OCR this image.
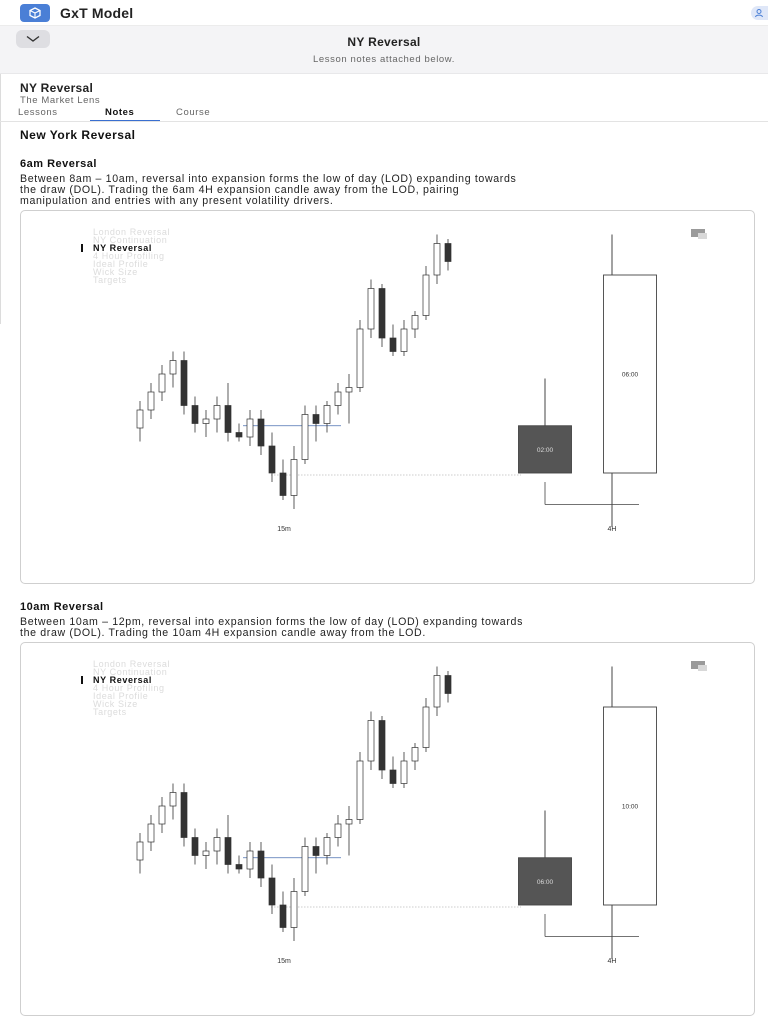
GxT Model
NY Reversal
Lesson notes attached below.
NY Reversal
The Market Lens
Lessons	Notes	Course
New York Reversal
6am Reversal
Between 8am – 10am, reversal into expansion forms the low of day (LOD) expanding towards
the draw (DOL). Trading the 6am 4H expansion candle away from the LOD, pairing
manipulation and entries with any present volatility drivers.
London Reversal
NY Continuation
NY Reversal
4 Hour Profiling
Ideal Profile
Wick Size
Targets
02:00
06:00
15m	4H
10am Reversal
Between 10am – 12pm, reversal into expansion forms the low of day (LOD) expanding towards
the draw (DOL). Trading the 10am 4H expansion candle away from the LOD.
London Reversal
NY Continuation
NY Reversal
4 Hour Profiling
Ideal Profile
Wick Size
Targets
06:00
10:00
15m	4H
